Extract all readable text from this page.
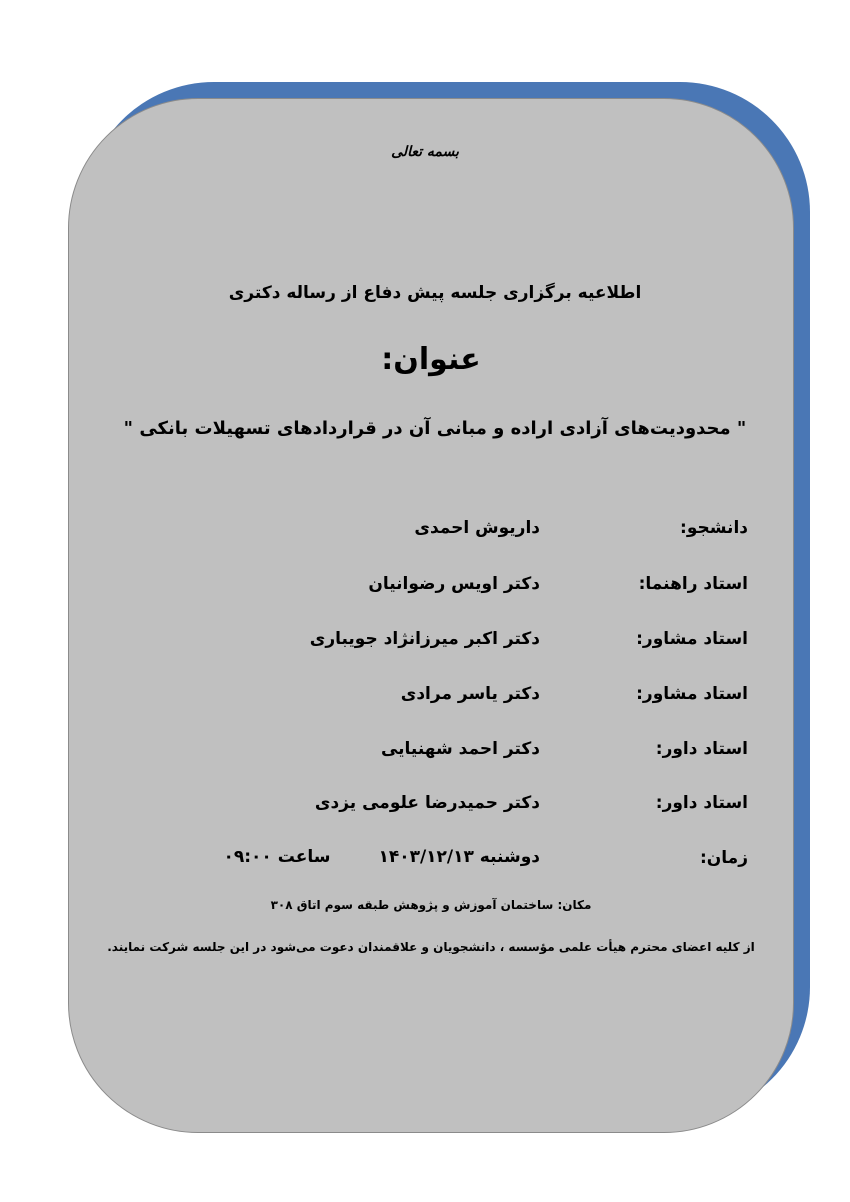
بسمه تعالی
اطلاعیه برگزاری جلسه پیش دفاع از رساله دکتری
عنوان:
" محدودیت‌های آزادی اراده و مبانی آن در قراردادهای تسهیلات بانکی "
دانشجو:
داریوش احمدی
استاد راهنما:
دکتر اویس رضوانیان
استاد مشاور:
دکتر اکبر میرزانژاد جویباری
استاد مشاور:
دکتر یاسر مرادی
استاد داور:
دکتر احمد شهنیایی
استاد داور:
دکتر حمیدرضا علومی یزدی
زمان:
دوشنبه ۱۴۰۳/۱۲/۱۳
ساعت ۰۹:۰۰
مکان: ساختمان آموزش و پژوهش طبقه سوم اتاق ۳۰۸
از کلیه اعضای محترم هیأت علمی مؤسسه ، دانشجویان و علاقمندان دعوت می‌شود در این جلسه شرکت نمایند.
